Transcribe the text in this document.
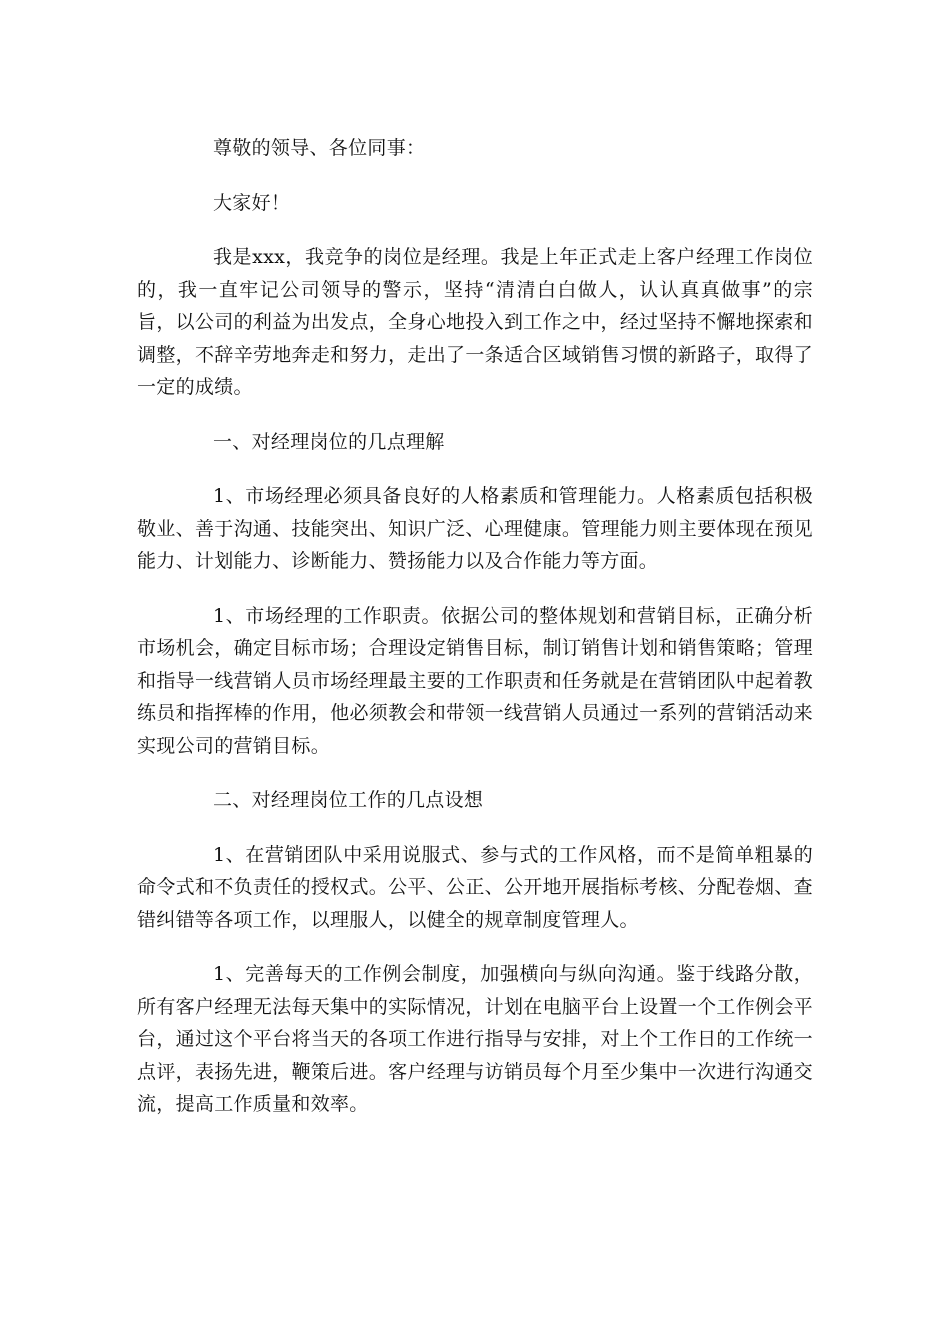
尊敬的领导、各位同事：

大家好！

我是xxx，我竞争的岗位是经理。我是上年正式走上客户经理工作岗位的，我一直牢记公司领导的警示，坚持“清清白白做人，认认真真做事”的宗旨，以公司的利益为出发点，全身心地投入到工作之中，经过坚持不懈地探索和调整，不辞辛劳地奔走和努力，走出了一条适合区域销售习惯的新路子，取得了一定的成绩。

一、对经理岗位的几点理解

1、市场经理必须具备良好的人格素质和管理能力。人格素质包括积极敬业、善于沟通、技能突出、知识广泛、心理健康。管理能力则主要体现在预见能力、计划能力、诊断能力、赞扬能力以及合作能力等方面。

1、市场经理的工作职责。依据公司的整体规划和营销目标，正确分析市场机会，确定目标市场；合理设定销售目标，制订销售计划和销售策略；管理和指导一线营销人员市场经理最主要的工作职责和任务就是在营销团队中起着教练员和指挥棒的作用，他必须教会和带领一线营销人员通过一系列的营销活动来实现公司的营销目标。

二、对经理岗位工作的几点设想

1、在营销团队中采用说服式、参与式的工作风格，而不是简单粗暴的命令式和不负责任的授权式。公平、公正、公开地开展指标考核、分配卷烟、查错纠错等各项工作，以理服人，以健全的规章制度管理人。

1、完善每天的工作例会制度，加强横向与纵向沟通。鉴于线路分散，所有客户经理无法每天集中的实际情况，计划在电脑平台上设置一个工作例会平台，通过这个平台将当天的各项工作进行指导与安排，对上个工作日的工作统一点评，表扬先进，鞭策后进。客户经理与访销员每个月至少集中一次进行沟通交流，提高工作质量和效率。
